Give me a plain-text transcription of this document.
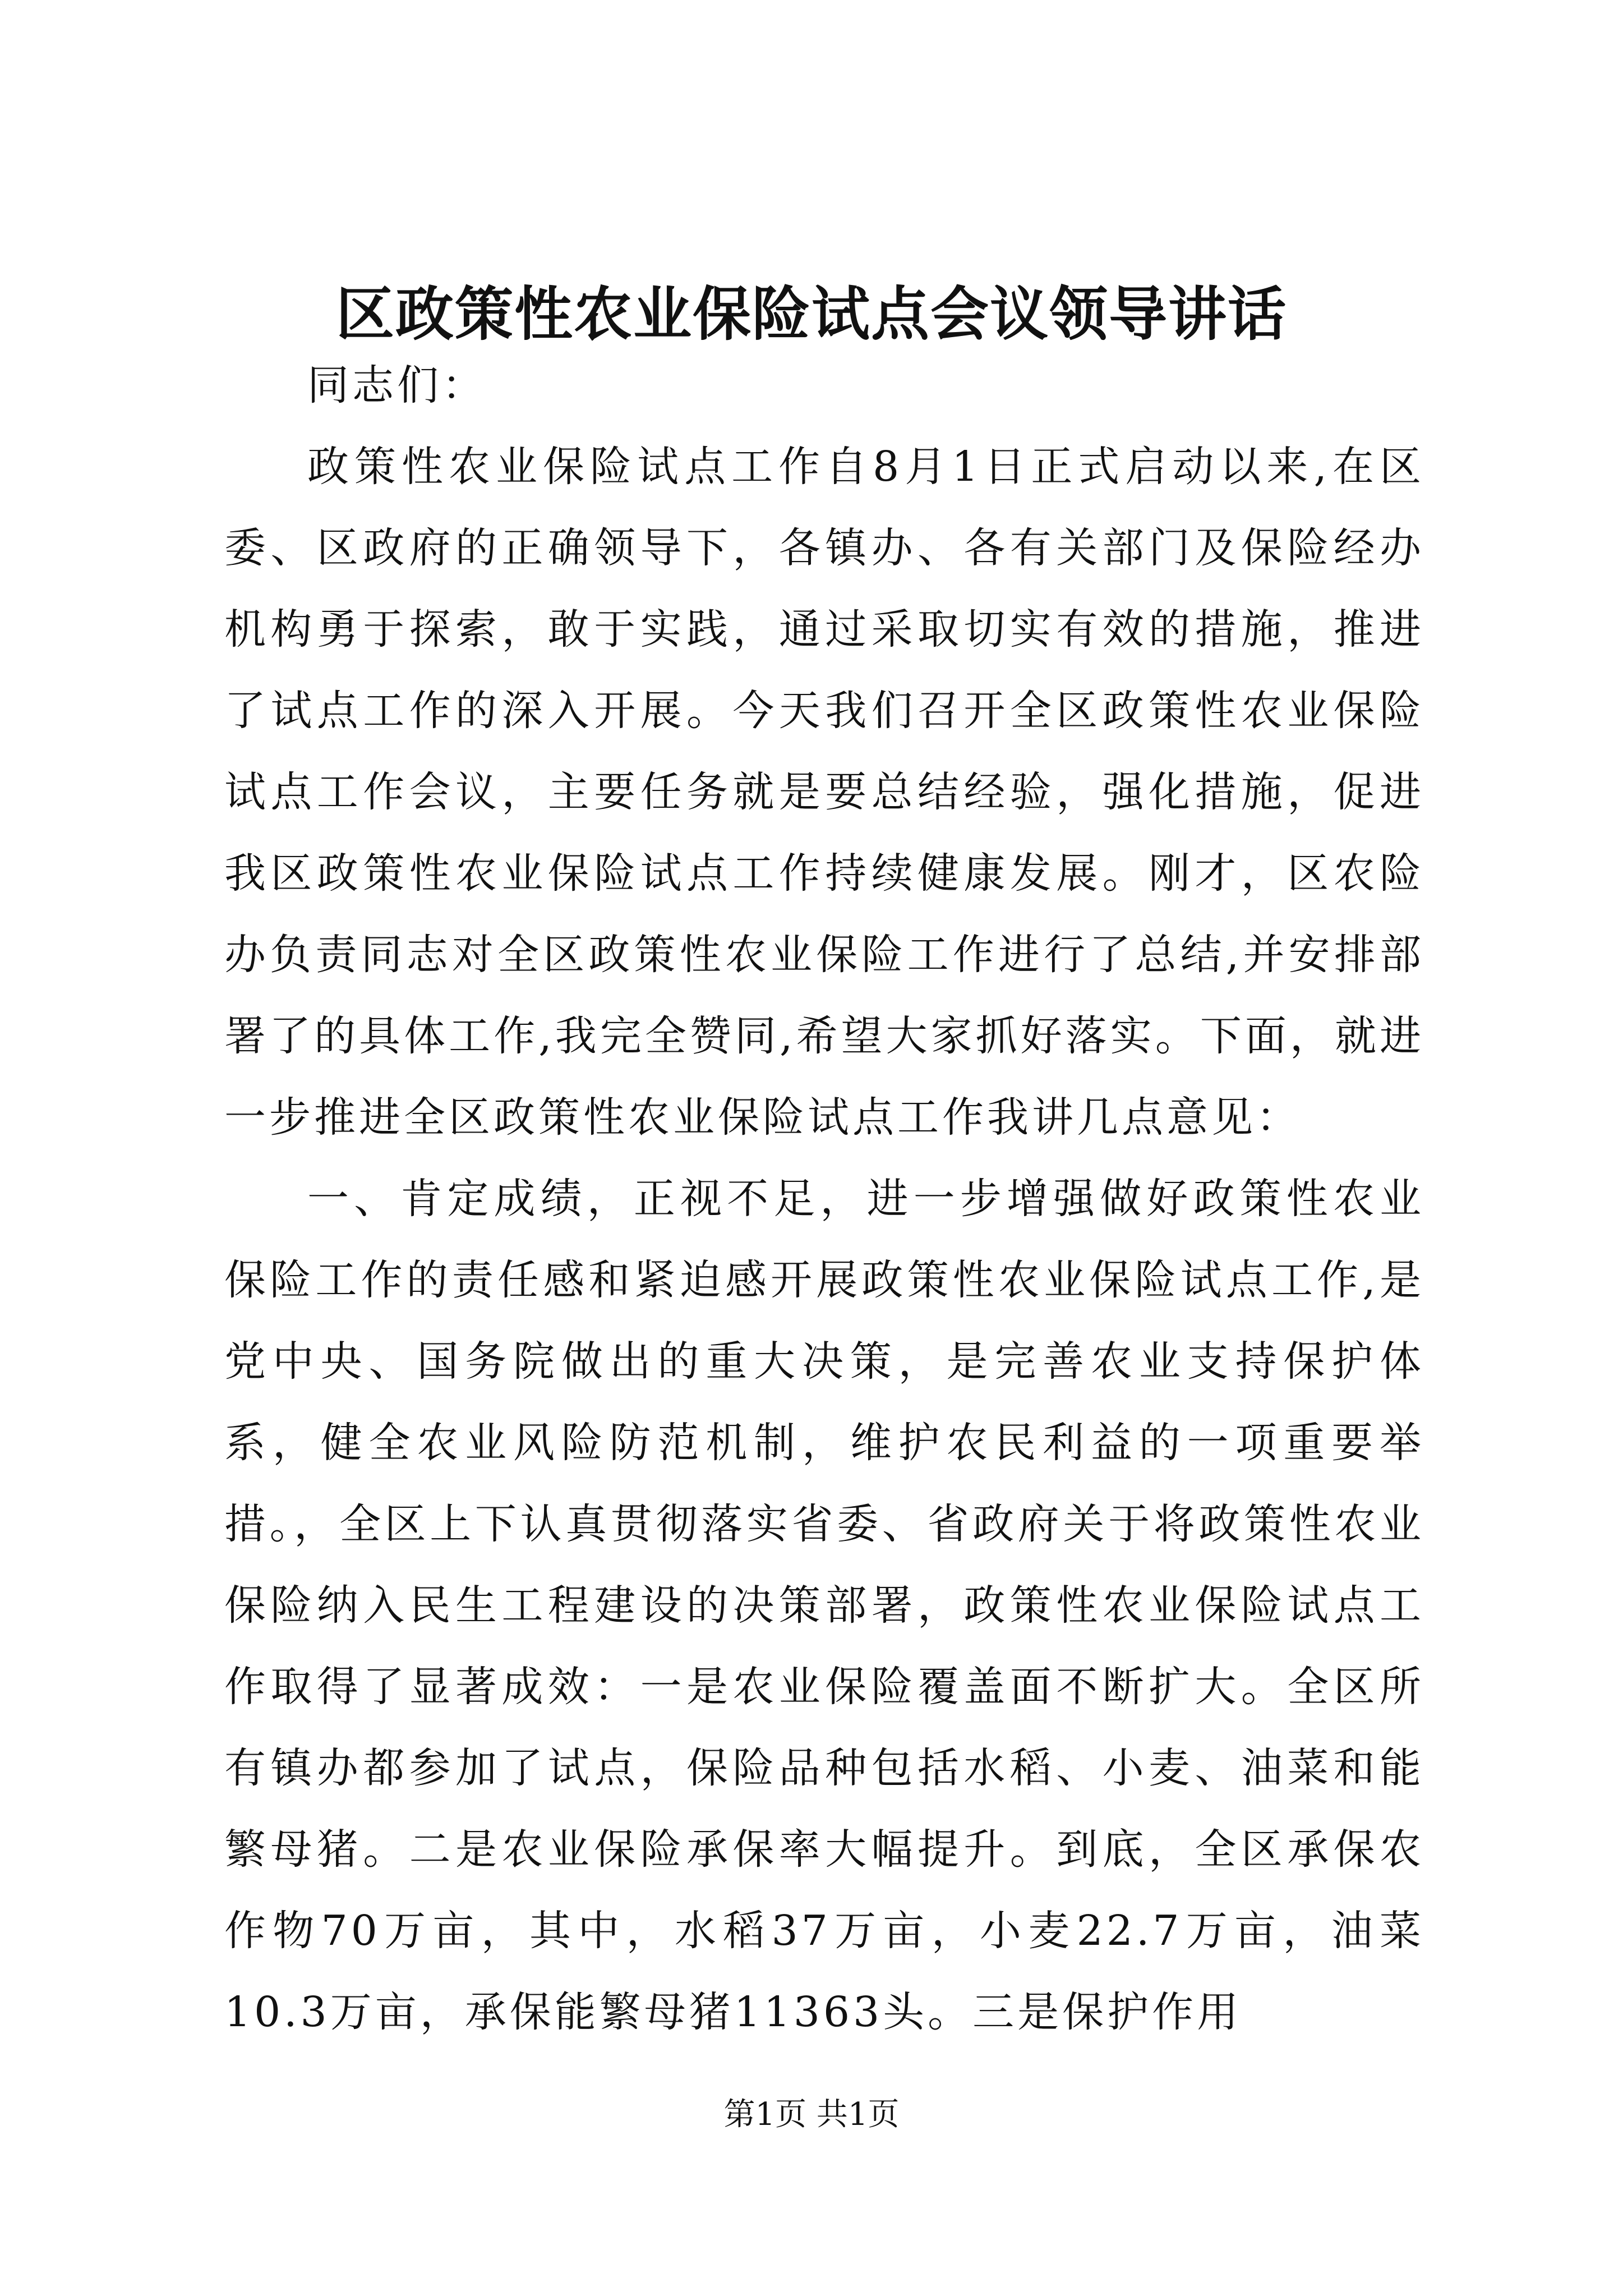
区政策性农业保险试点会议领导讲话

同志们：

政策性农业保险试点工作自8月1日正式启动以来,在区委、区政府的正确领导下，各镇办、各有关部门及保险经办机构勇于探索，敢于实践，通过采取切实有效的措施，推进了试点工作的深入开展。今天我们召开全区政策性农业保险试点工作会议，主要任务就是要总结经验，强化措施，促进我区政策性农业保险试点工作持续健康发展。刚才，区农险办负责同志对全区政策性农业保险工作进行了总结,并安排部署了的具体工作,我完全赞同,希望大家抓好落实。下面，就进一步推进全区政策性农业保险试点工作我讲几点意见：

一、肯定成绩，正视不足，进一步增强做好政策性农业保险工作的责任感和紧迫感开展政策性农业保险试点工作,是党中央、国务院做出的重大决策，是完善农业支持保护体系，健全农业风险防范机制，维护农民利益的一项重要举措。，全区上下认真贯彻落实省委、省政府关于将政策性农业保险纳入民生工程建设的决策部署，政策性农业保险试点工作取得了显著成效：一是农业保险覆盖面不断扩大。全区所有镇办都参加了试点，保险品种包括水稻、小麦、油菜和能繁母猪。二是农业保险承保率大幅提升。到底，全区承保农作物70万亩，其中，水稻37万亩，小麦22.7万亩，油菜10.3万亩，承保能繁母猪11363头。三是保护作用

第1页 共1页
